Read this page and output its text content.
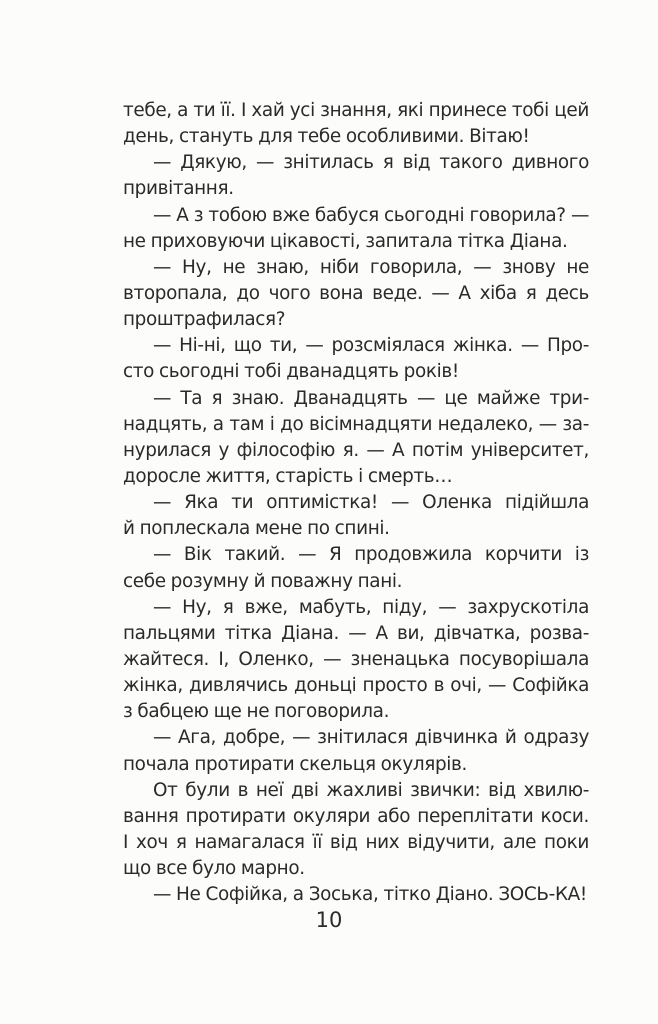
тебе, а ти її. І хай усі знання, які принесе тобі цей
день, стануть для тебе особливими. Вітаю!
— Дякую, — знітилась я від такого дивного
привітання.
— А з тобою вже бабуся сьогодні говорила? —
не приховуючи цікавості, запитала тітка Діана.
— Ну, не знаю, ніби говорила, — знову не
второпала, до чого вона веде. — А хіба я десь
проштрафилася?
— Ні-ні, що ти, — розсміялася жінка. — Про-
сто сьогодні тобі дванадцять років!
— Та я знаю. Дванадцять — це майже три-
надцять, а там і до вісімнадцяти недалеко, — за-
нурилася у філософію я. — А потім університет,
доросле життя, старість і смерть…
— Яка ти оптимістка! — Оленка підійшла
й поплескала мене по спині.
— Вік такий. — Я продовжила корчити із
себе розумну й поважну пані.
— Ну, я вже, мабуть, піду, — захрускотіла
пальцями тітка Діана. — А ви, дівчатка, розва-
жайтеся. І, Оленко, — зненацька посуворішала
жінка, дивлячись доньці просто в очі, — Софійка
з бабцею ще не поговорила.
— Ага, добре, — знітилася дівчинка й одразу
почала протирати скельця окулярів.
От були в неї дві жахливі звички: від хвилю-
вання протирати окуляри або переплітати коси.
І хоч я намагалася її від них відучити, але поки
що все було марно.
— Не Софійка, а Зоська, тітко Діано. ЗОСЬ-КА!
10
